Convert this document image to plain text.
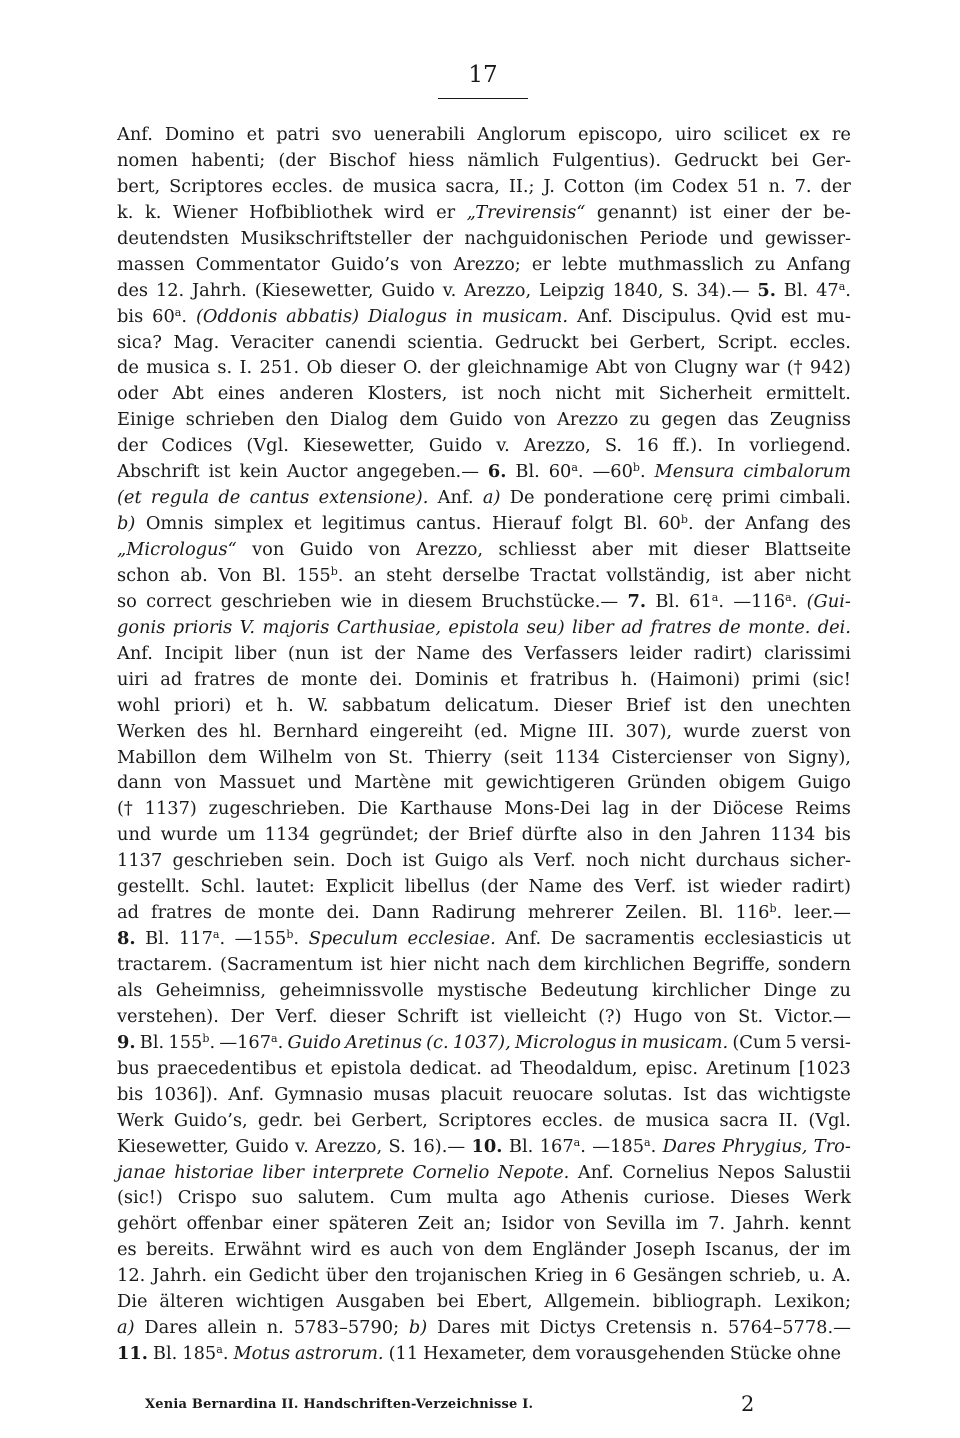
17
Anf. Domino et patri svo uenerabili Anglorum episcopo, uiro scilicet ex re
nomen habenti; (der Bischof hiess nämlich Fulgentius). Gedruckt bei Ger-
bert, Scriptores eccles. de musica sacra, II.; J. Cotton (im Codex 51 n. 7. der
k. k. Wiener Hofbibliothek wird er „Trevirensis“ genannt) ist einer der be-
deutendsten Musikschriftsteller der nachguidonischen Periode und gewisser-
massen Commentator Guido’s von Arezzo; er lebte muthmasslich zu Anfang
des 12. Jahrh. (Kiesewetter, Guido v. Arezzo, Leipzig 1840, S. 34).— 5. Bl. 47$^a$.
bis 60$^a$. (Oddonis abbatis) Dialogus in musicam. Anf. Discipulus. Qvid est mu-
sica? Mag. Veraciter canendi scientia. Gedruckt bei Gerbert, Script. eccles.
de musica s. I. 251. Ob dieser O. der gleichnamige Abt von Clugny war († 942)
oder Abt eines anderen Klosters, ist noch nicht mit Sicherheit ermittelt.
Einige schrieben den Dialog dem Guido von Arezzo zu gegen das Zeugniss
der Codices (Vgl. Kiesewetter, Guido v. Arezzo, S. 16 ff.). In vorliegend.
Abschrift ist kein Auctor angegeben.— 6. Bl. 60$^a$. —60$^b$. Mensura cimbalorum
(et regula de cantus extensione). Anf. a) De ponderatione cerę primi cimbali.
b) Omnis simplex et legitimus cantus. Hierauf folgt Bl. 60$^b$. der Anfang des
„Micrologus“ von Guido von Arezzo, schliesst aber mit dieser Blattseite
schon ab. Von Bl. 155$^b$. an steht derselbe Tractat vollständig, ist aber nicht
so correct geschrieben wie in diesem Bruchstücke.— 7. Bl. 61$^a$. —116$^a$. (Gui-
gonis prioris V. majoris Carthusiae, epistola seu) liber ad fratres de monte. dei.
Anf. Incipit liber (nun ist der Name des Verfassers leider radirt) clarissimi
uiri ad fratres de monte dei. Dominis et fratribus h. (Haimoni) primi (sic!
wohl priori) et h. W. sabbatum delicatum. Dieser Brief ist den unechten
Werken des hl. Bernhard eingereiht (ed. Migne III. 307), wurde zuerst von
Mabillon dem Wilhelm von St. Thierry (seit 1134 Cistercienser von Signy),
dann von Massuet und Martène mit gewichtigeren Gründen obigem Guigo
(† 1137) zugeschrieben. Die Karthause Mons-Dei lag in der Diöcese Reims
und wurde um 1134 gegründet; der Brief dürfte also in den Jahren 1134 bis
1137 geschrieben sein. Doch ist Guigo als Verf. noch nicht durchaus sicher-
gestellt. Schl. lautet: Explicit libellus (der Name des Verf. ist wieder radirt)
ad fratres de monte dei. Dann Radirung mehrerer Zeilen. Bl. 116$^b$. leer.—
8. Bl. 117$^a$. —155$^b$. Speculum ecclesiae. Anf. De sacramentis ecclesiasticis ut
tractarem. (Sacramentum ist hier nicht nach dem kirchlichen Begriffe, sondern
als Geheimniss, geheimnissvolle mystische Bedeutung kirchlicher Dinge zu
verstehen). Der Verf. dieser Schrift ist vielleicht (?) Hugo von St. Victor.—
9. Bl. 155$^b$. —167$^a$. Guido Aretinus (c. 1037), Micrologus in musicam. (Cum 5 versi-
bus praecedentibus et epistola dedicat. ad Theodaldum, episc. Aretinum [1023
bis 1036]). Anf. Gymnasio musas placuit reuocare solutas. Ist das wichtigste
Werk Guido’s, gedr. bei Gerbert, Scriptores eccles. de musica sacra II. (Vgl.
Kiesewetter, Guido v. Arezzo, S. 16).— 10. Bl. 167$^a$. —185$^a$. Dares Phrygius, Tro-
janae historiae liber interprete Cornelio Nepote. Anf. Cornelius Nepos Salustii
(sic!) Crispo suo salutem. Cum multa ago Athenis curiose. Dieses Werk
gehört offenbar einer späteren Zeit an; Isidor von Sevilla im 7. Jahrh. kennt
es bereits. Erwähnt wird es auch von dem Engländer Joseph Iscanus, der im
12. Jahrh. ein Gedicht über den trojanischen Krieg in 6 Gesängen schrieb, u. A.
Die älteren wichtigen Ausgaben bei Ebert, Allgemein. bibliograph. Lexikon;
a) Dares allein n. 5783–5790; b) Dares mit Dictys Cretensis n. 5764–5778.—
11. Bl. 185$^a$. Motus astrorum. (11 Hexameter, dem vorausgehenden Stücke ohne
Xenia Bernardina II. Handschriften-Verzeichnisse I.	2
